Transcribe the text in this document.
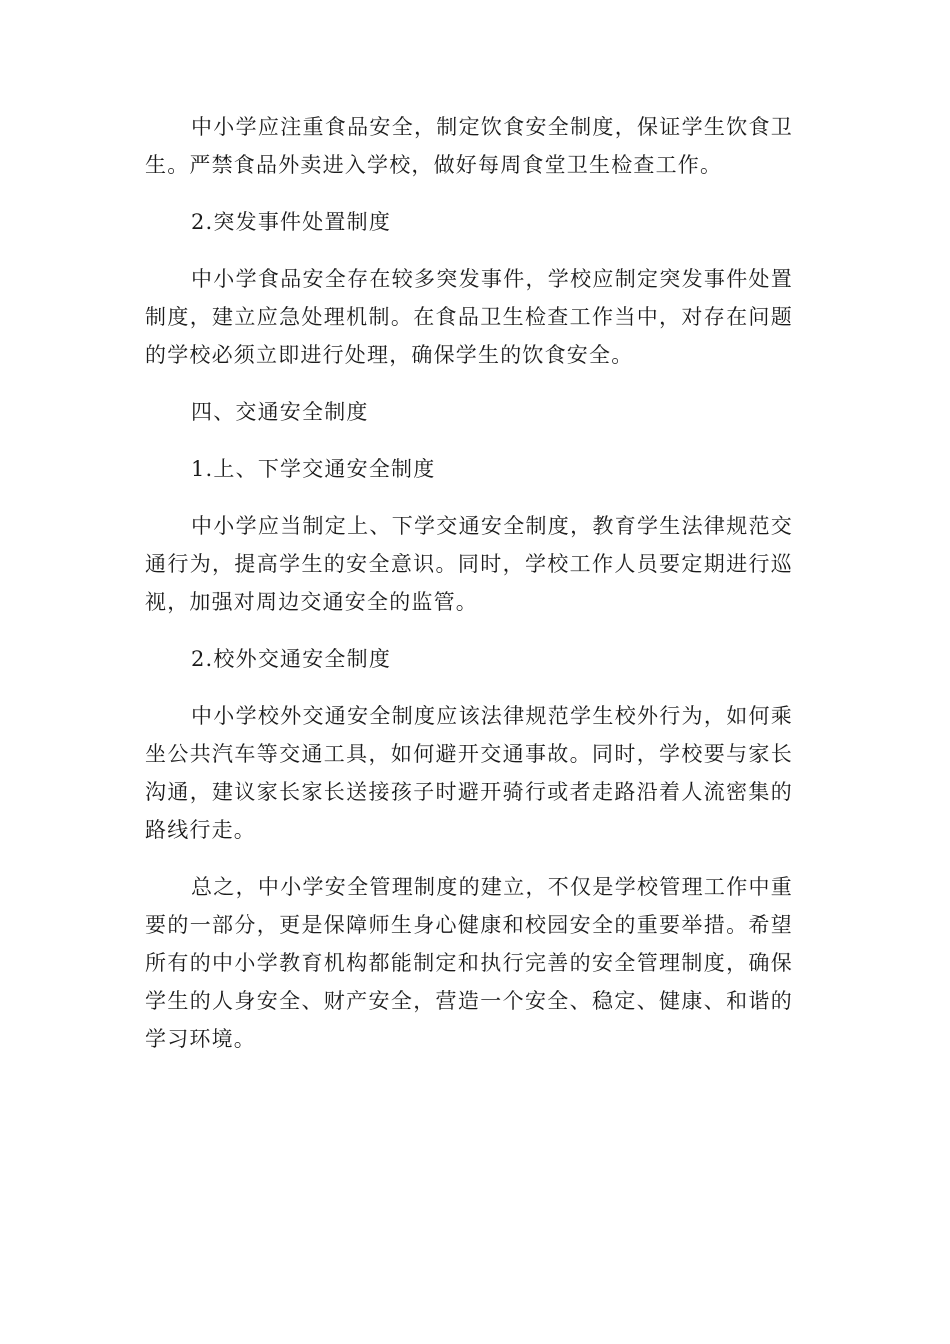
中小学应注重食品安全，制定饮食安全制度，保证学生饮食卫生。严禁食品外卖进入学校，做好每周食堂卫生检查工作。

2.突发事件处置制度

中小学食品安全存在较多突发事件，学校应制定突发事件处置制度，建立应急处理机制。在食品卫生检查工作当中，对存在问题的学校必须立即进行处理，确保学生的饮食安全。

四、交通安全制度

1.上、下学交通安全制度

中小学应当制定上、下学交通安全制度，教育学生法律规范交通行为，提高学生的安全意识。同时，学校工作人员要定期进行巡视，加强对周边交通安全的监管。

2.校外交通安全制度

中小学校外交通安全制度应该法律规范学生校外行为，如何乘坐公共汽车等交通工具，如何避开交通事故。同时，学校要与家长沟通，建议家长家长送接孩子时避开骑行或者走路沿着人流密集的路线行走。

总之，中小学安全管理制度的建立，不仅是学校管理工作中重要的一部分，更是保障师生身心健康和校园安全的重要举措。希望所有的中小学教育机构都能制定和执行完善的安全管理制度，确保学生的人身安全、财产安全，营造一个安全、稳定、健康、和谐的学习环境。
